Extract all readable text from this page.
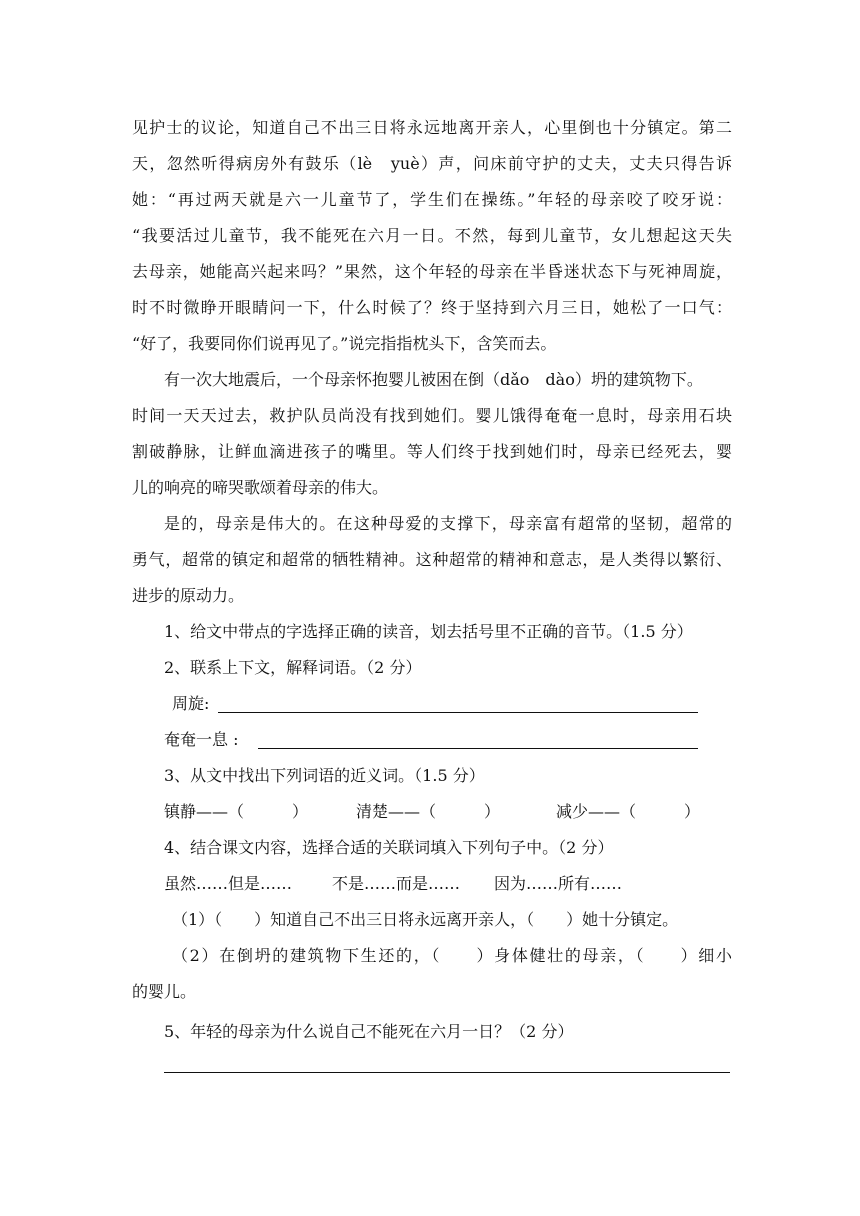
见护士的议论，知道自己不出三日将永远地离开亲人，心里倒也十分镇定。第二
天，忽然听得病房外有鼓乐（lè　yuè）声，问床前守护的丈夫，丈夫只得告诉
她：“再过两天就是六一儿童节了，学生们在操练。”年轻的母亲咬了咬牙说：
“我要活过儿童节，我不能死在六月一日。不然，每到儿童节，女儿想起这天失
去母亲，她能高兴起来吗？”果然，这个年轻的母亲在半昏迷状态下与死神周旋，
时不时微睁开眼睛问一下，什么时候了？终于坚持到六月三日，她松了一口气：
“好了，我要同你们说再见了。”说完指指枕头下，含笑而去。
有一次大地震后，一个母亲怀抱婴儿被困在倒（dǎo　dào）坍的建筑物下。
时间一天天过去，救护队员尚没有找到她们。婴儿饿得奄奄一息时，母亲用石块
割破静脉，让鲜血滴进孩子的嘴里。等人们终于找到她们时，母亲已经死去，婴
儿的响亮的啼哭歌颂着母亲的伟大。
是的，母亲是伟大的。在这种母爱的支撑下，母亲富有超常的坚韧，超常的
勇气，超常的镇定和超常的牺牲精神。这种超常的精神和意志，是人类得以繁衍、
进步的原动力。
1、给文中带点的字选择正确的读音，划去括号里不正确的音节。（1.5 分）
2、联系上下文，解释词语。（2 分）
周旋:
奄奄一息 :
3、从文中找出下列词语的近义词。（1.5 分）
镇静——（　　　）	清楚——（　　　）	减少——（　　　）
4、结合课文内容，选择合适的关联词填入下列句子中。（2 分）
虽然……但是……	不是……而是……	因为……所有……
（1）（　　）知道自己不出三日将永远离开亲人，（　　）她十分镇定。
（2）在倒坍的建筑物下生还的，（　　）身体健壮的母亲，（　　）细小
的婴儿。
5、年轻的母亲为什么说自己不能死在六月一日？（2 分）
